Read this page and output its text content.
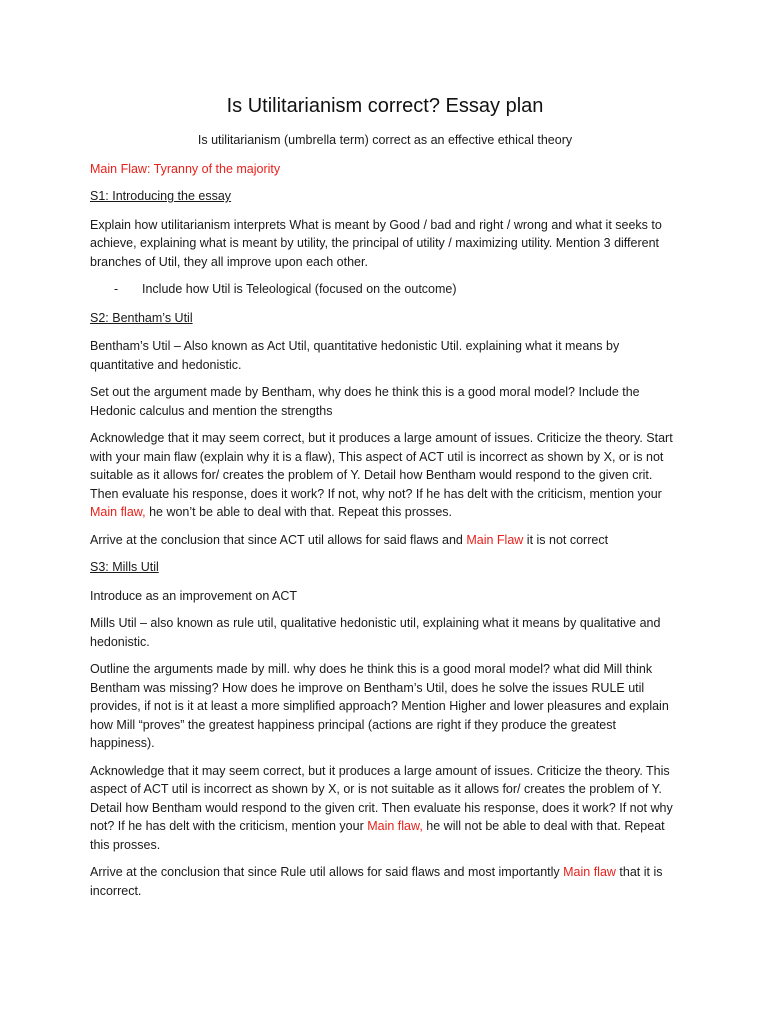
Is Utilitarianism correct? Essay plan

Is utilitarianism (umbrella term) correct as an effective ethical theory

Main Flaw: Tyranny of the majority

S1: Introducing the essay

Explain how utilitarianism interprets What is meant by Good / bad and right / wrong and what it seeks to achieve, explaining what is meant by utility, the principal of utility / maximizing utility. Mention 3 different branches of Util, they all improve upon each other.

-	Include how Util is Teleological (focused on the outcome)

S2: Bentham’s Util

Bentham’s Util – Also known as Act Util, quantitative hedonistic Util. explaining what it means by quantitative and hedonistic.

Set out the argument made by Bentham, why does he think this is a good moral model? Include the Hedonic calculus and mention the strengths

Acknowledge that it may seem correct, but it produces a large amount of issues. Criticize the theory. Start with your main flaw (explain why it is a flaw), This aspect of ACT util is incorrect as shown by X, or is not suitable as it allows for/ creates the problem of Y. Detail how Bentham would respond to the given crit. Then evaluate his response, does it work? If not, why not? If he has delt with the criticism, mention your Main flaw, he won’t be able to deal with that. Repeat this prosses.

Arrive at the conclusion that since ACT util allows for said flaws and Main Flaw it is not correct

S3: Mills Util

Introduce as an improvement on ACT

Mills Util – also known as rule util, qualitative hedonistic util, explaining what it means by qualitative and hedonistic.

Outline the arguments made by mill. why does he think this is a good moral model? what did Mill think Bentham was missing? How does he improve on Bentham’s Util, does he solve the issues RULE util provides, if not is it at least a more simplified approach? Mention Higher and lower pleasures and explain how Mill “proves” the greatest happiness principal (actions are right if they produce the greatest happiness).

Acknowledge that it may seem correct, but it produces a large amount of issues. Criticize the theory. This aspect of ACT util is incorrect as shown by X, or is not suitable as it allows for/ creates the problem of Y. Detail how Bentham would respond to the given crit. Then evaluate his response, does it work? If not why not? If he has delt with the criticism, mention your Main flaw, he will not be able to deal with that. Repeat this prosses.

Arrive at the conclusion that since Rule util allows for said flaws and most importantly Main flaw that it is incorrect.
